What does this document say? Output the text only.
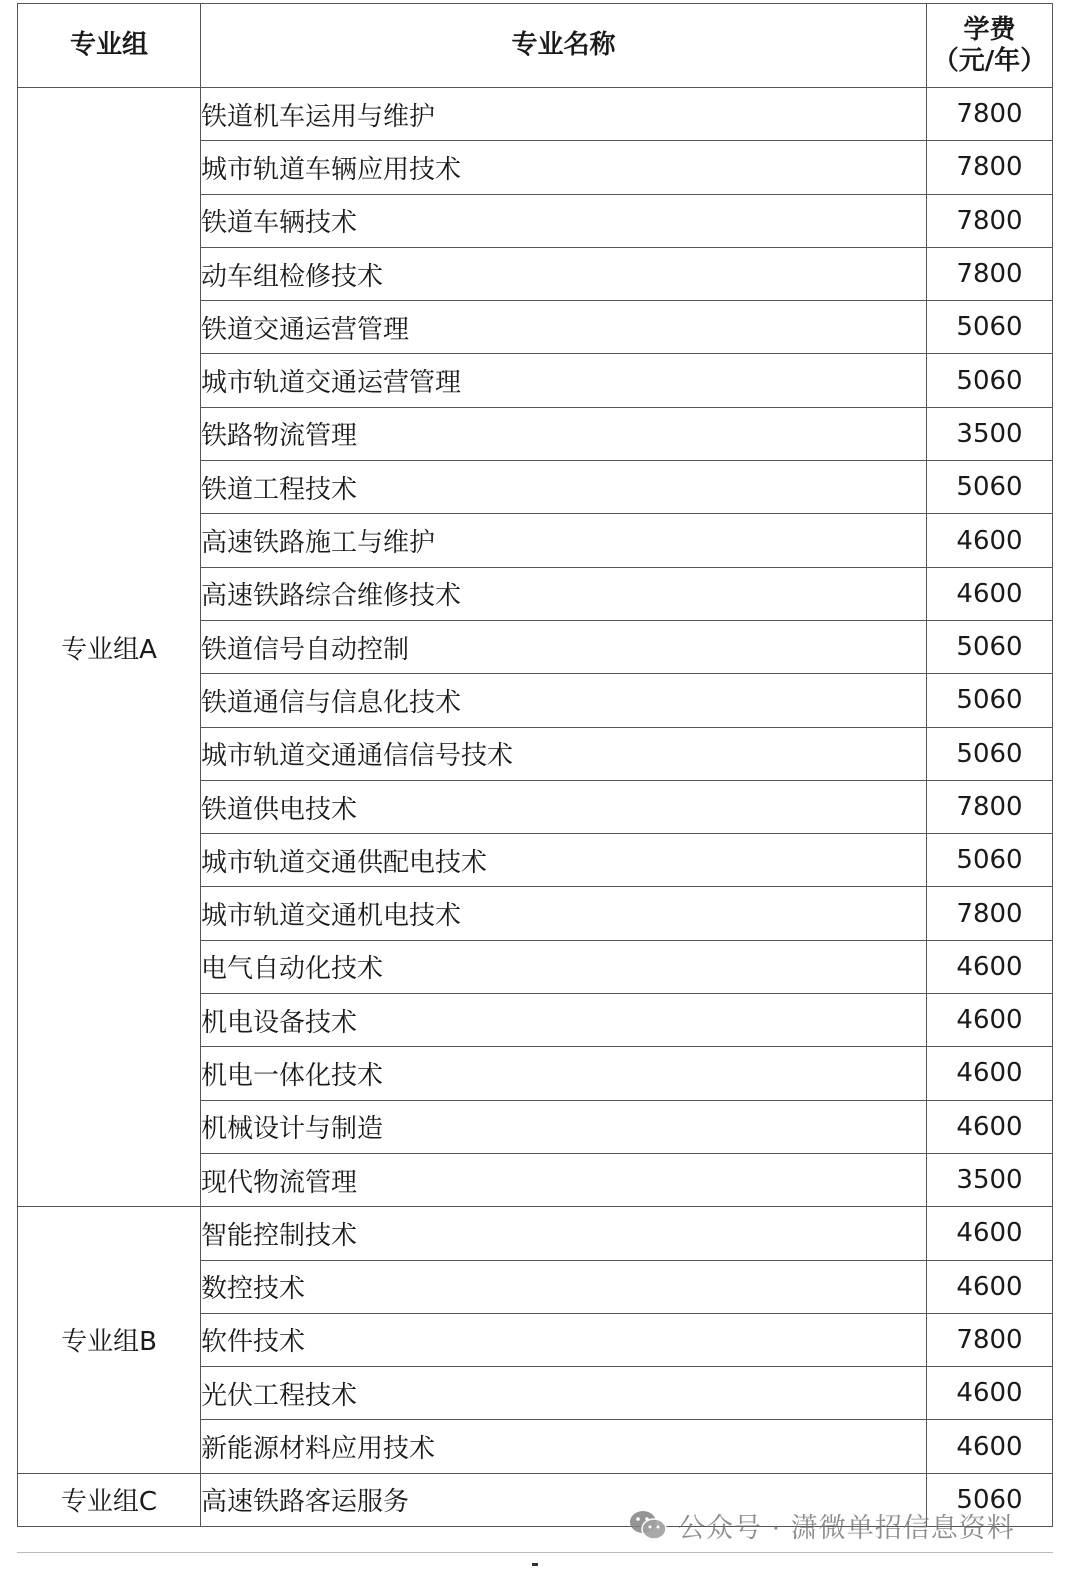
专业组	专业名称	学费
（元/年）
专业组A	铁道机车运用与维护	7800
	城市轨道车辆应用技术	7800
	铁道车辆技术	7800
	动车组检修技术	7800
	铁道交通运营管理	5060
	城市轨道交通运营管理	5060
	铁路物流管理	3500
	铁道工程技术	5060
	高速铁路施工与维护	4600
	高速铁路综合维修技术	4600
	铁道信号自动控制	5060
	铁道通信与信息化技术	5060
	城市轨道交通通信信号技术	5060
	铁道供电技术	7800
	城市轨道交通供配电技术	5060
	城市轨道交通机电技术	7800
	电气自动化技术	4600
	机电设备技术	4600
	机电一体化技术	4600
	机械设计与制造	4600
	现代物流管理	3500
专业组B	智能控制技术	4600
	数控技术	4600
	软件技术	7800
	光伏工程技术	4600
	新能源材料应用技术	4600
专业组C	高速铁路客运服务	5060
公众号 · 潇微单招信息资料
